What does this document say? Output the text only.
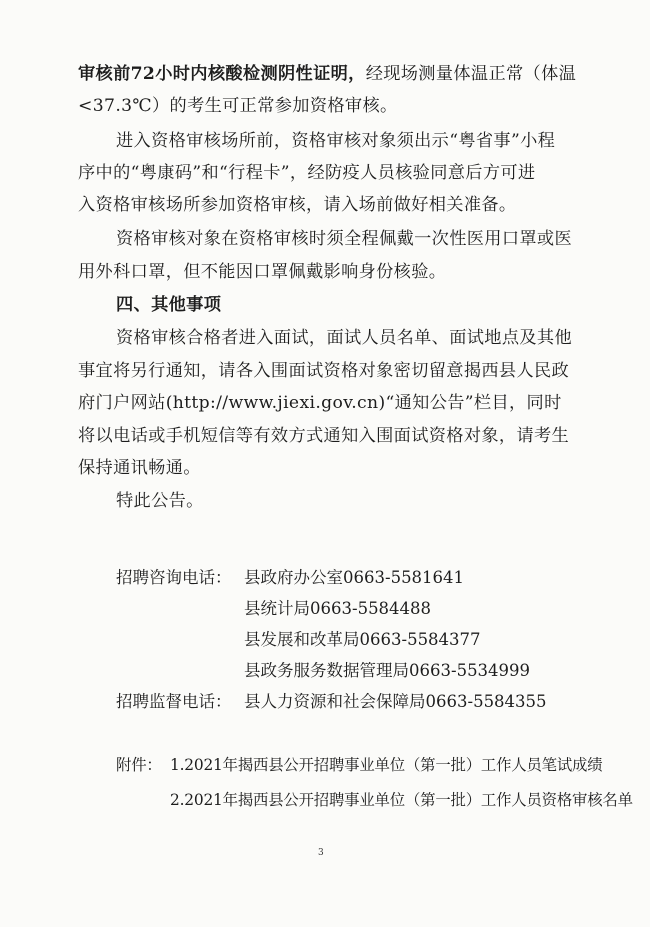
审核前72小时内核酸检测阴性证明，经现场测量体温正常（体温
<37.3℃）的考生可正常参加资格审核。
进入资格审核场所前，资格审核对象须出示“粤省事”小程
序中的“粤康码”和“行程卡”，经防疫人员核验同意后方可进
入资格审核场所参加资格审核，请入场前做好相关准备。
资格审核对象在资格审核时须全程佩戴一次性医用口罩或医
用外科口罩，但不能因口罩佩戴影响身份核验。
四、其他事项
资格审核合格者进入面试，面试人员名单、面试地点及其他
事宜将另行通知，请各入围面试资格对象密切留意揭西县人民政
府门户网站(http://www.jiexi.gov.cn)“通知公告”栏目，同时
将以电话或手机短信等有效方式通知入围面试资格对象，请考生
保持通讯畅通。
特此公告。
招聘咨询电话： 县政府办公室0663-5581641
县统计局0663-5584488
县发展和改革局0663-5584377
县政务服务数据管理局0663-5534999
招聘监督电话： 县人力资源和社会保障局0663-5584355
附件： 1.2021年揭西县公开招聘事业单位（第一批）工作人员笔试成绩
2.2021年揭西县公开招聘事业单位（第一批）工作人员资格审核名单
3
